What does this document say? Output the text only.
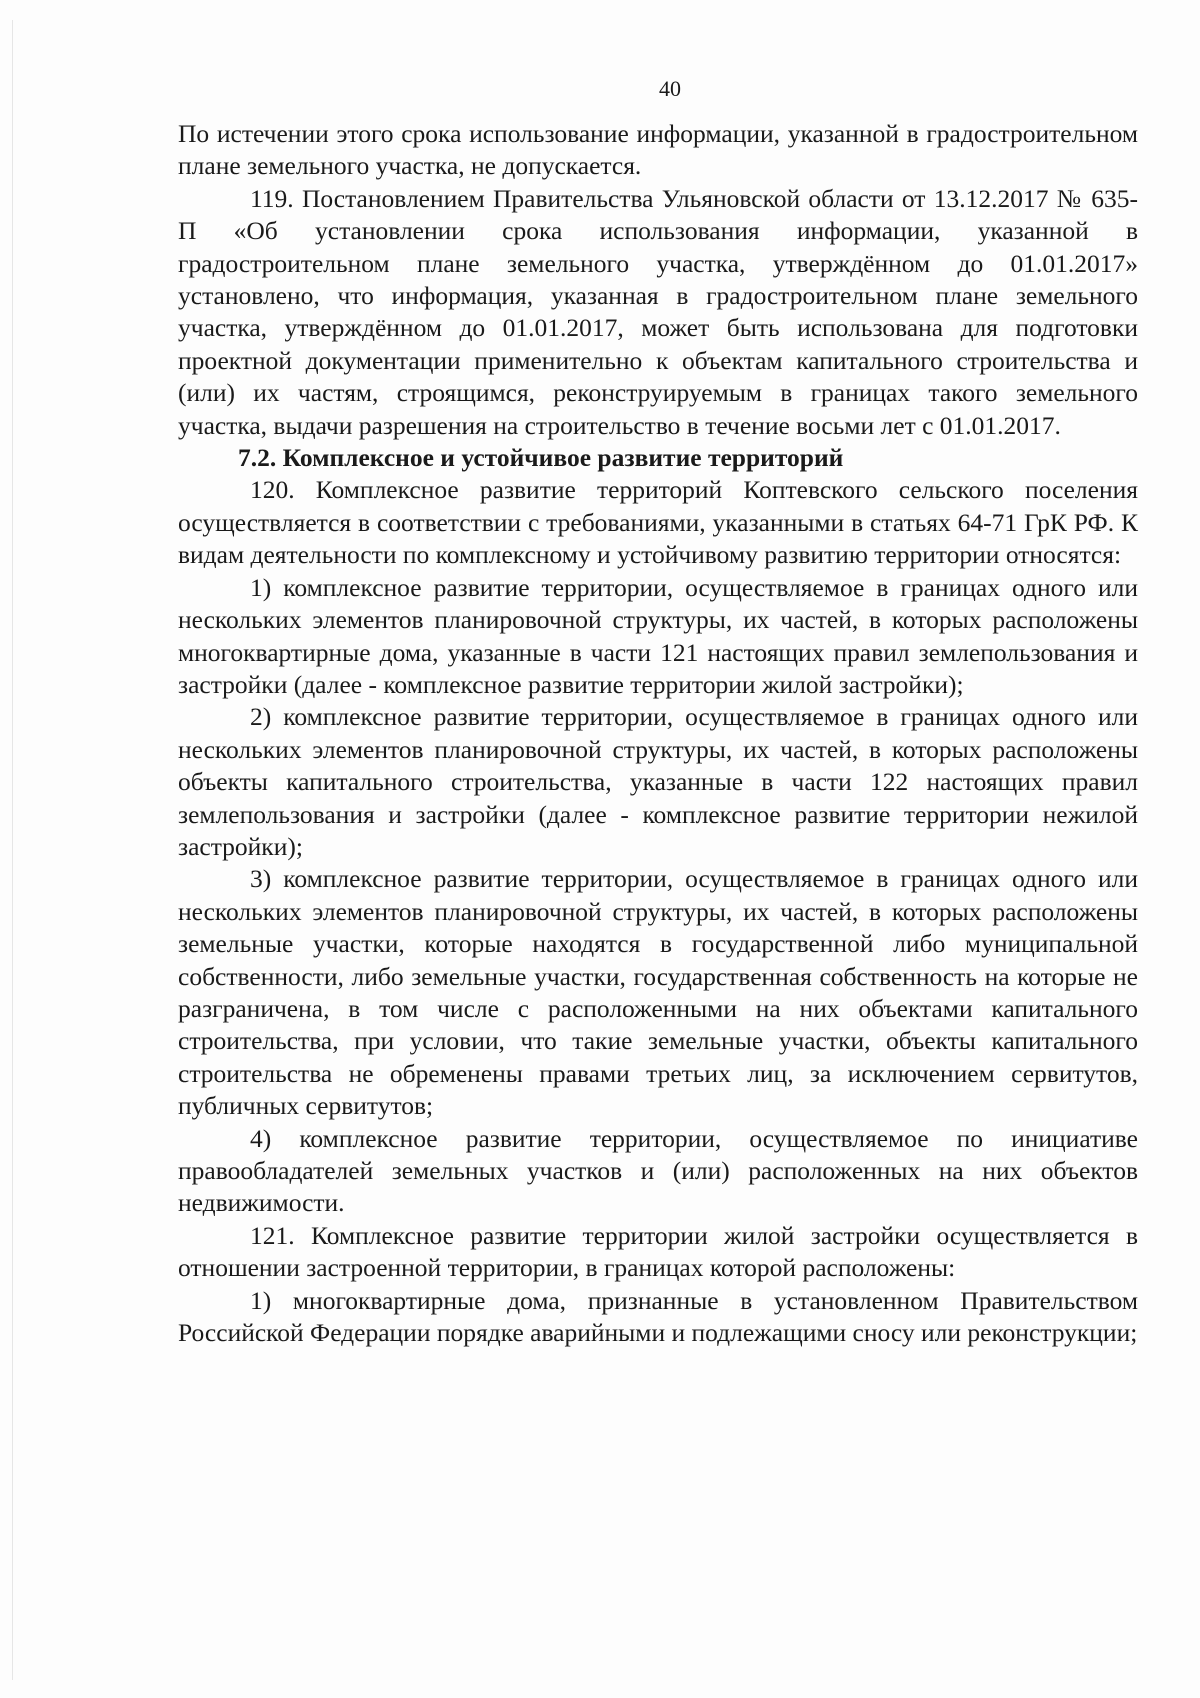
40

По истечении этого срока использование информации, указанной в градостроительном плане земельного участка, не допускается.

119. Постановлением Правительства Ульяновской области от 13.12.2017 № 635-П «Об установлении срока использования информации, указанной в градостроительном плане земельного участка, утверждённом до 01.01.2017» установлено, что информация, указанная в градостроительном плане земельного участка, утверждённом до 01.01.2017, может быть использована для подготовки проектной документации применительно к объектам капитального строительства и (или) их частям, строящимся, реконструируемым в границах такого земельного участка, выдачи разрешения на строительство в течение восьми лет с 01.01.2017.

7.2. Комплексное и устойчивое развитие территорий

120. Комплексное развитие территорий Коптевского сельского поселения осуществляется в соответствии с требованиями, указанными в статьях 64-71 ГрК РФ. К видам деятельности по комплексному и устойчивому развитию территории относятся:

1) комплексное развитие территории, осуществляемое в границах одного или нескольких элементов планировочной структуры, их частей, в которых расположены многоквартирные дома, указанные в части 121 настоящих правил землепользования и застройки (далее - комплексное развитие территории жилой застройки);

2) комплексное развитие территории, осуществляемое в границах одного или нескольких элементов планировочной структуры, их частей, в которых расположены объекты капитального строительства, указанные в части 122 настоящих правил землепользования и застройки (далее - комплексное развитие территории нежилой застройки);

3) комплексное развитие территории, осуществляемое в границах одного или нескольких элементов планировочной структуры, их частей, в которых расположены земельные участки, которые находятся в государственной либо муниципальной собственности, либо земельные участки, государственная собственность на которые не разграничена, в том числе с расположенными на них объектами капитального строительства, при условии, что такие земельные участки, объекты капитального строительства не обременены правами третьих лиц, за исключением сервитутов, публичных сервитутов;

4) комплексное развитие территории, осуществляемое по инициативе правообладателей земельных участков и (или) расположенных на них объектов недвижимости.

121. Комплексное развитие территории жилой застройки осуществляется в отношении застроенной территории, в границах которой расположены:

1) многоквартирные дома, признанные в установленном Правительством Российской Федерации порядке аварийными и подлежащими сносу или реконструкции;
